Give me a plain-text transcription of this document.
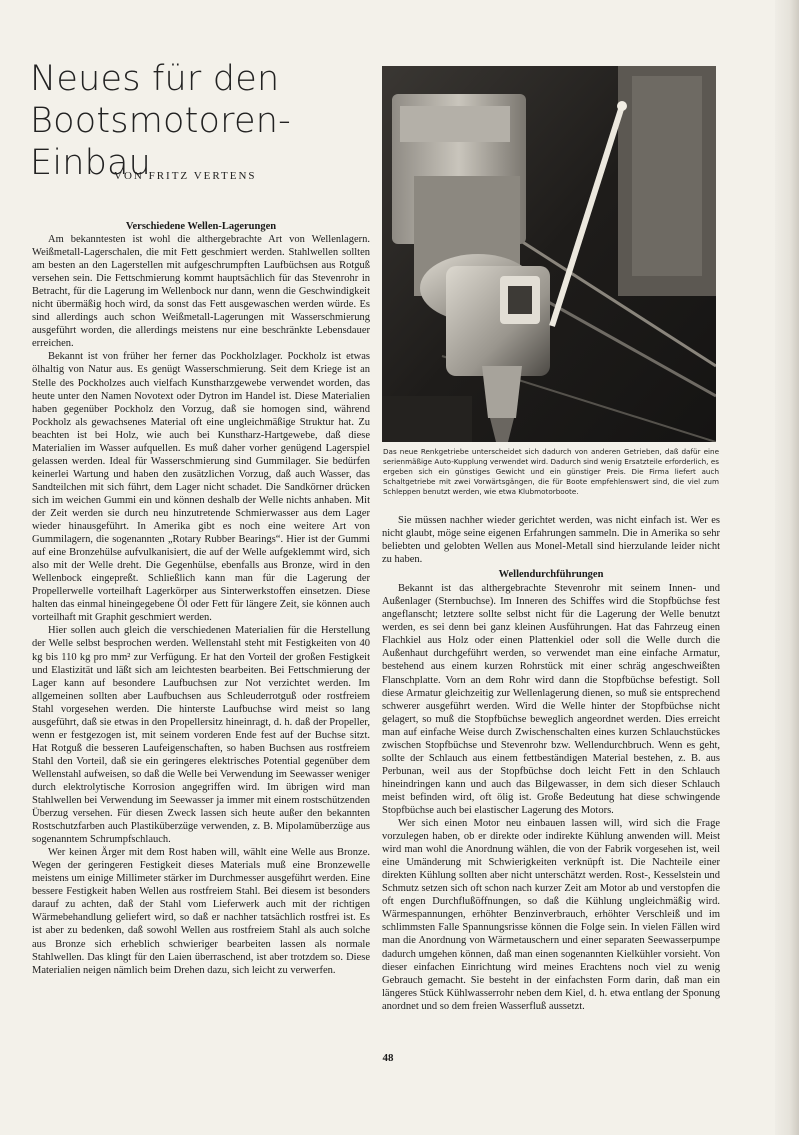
Neues für den
Bootsmotoren-Einbau
VON FRITZ VERTENS
Verschiedene Wellen-Lagerungen

Am bekanntesten ist wohl die althergebrachte Art von Wellenlagern. Weißmetall-Lagerschalen, die mit Fett geschmiert werden. Stahlwellen sollten am besten an den Lagerstellen mit aufgeschrumpften Laufbüchsen aus Rotguß versehen sein. Die Fettschmierung kommt hauptsächlich für das Stevenrohr in Betracht, für die Lagerung im Wellenbock nur dann, wenn die Geschwindigkeit nicht übermäßig hoch wird, da sonst das Fett ausgewaschen werden würde. Es sind allerdings auch schon Weißmetall-Lagerungen mit Wasserschmierung ausgeführt worden, die allerdings meistens nur eine beschränkte Lebensdauer erreichen.

Bekannt ist von früher her ferner das Pockholzlager. Pockholz ist etwas ölhaltig von Natur aus. Es genügt Wasserschmierung. Seit dem Kriege ist an Stelle des Pockholzes auch vielfach Kunstharzgewebe verwendet worden, das heute unter den Namen Novotext oder Dytron im Handel ist. Diese Materialien haben gegenüber Pockholz den Vorzug, daß sie homogen sind, während Pockholz als gewachsenes Material oft eine ungleichmäßige Struktur hat. Zu beachten ist bei Holz, wie auch bei Kunstharz-Hartgewebe, daß diese Materialien im Wasser aufquellen. Es muß daher vorher genügend Lagerspiel gelassen werden. Ideal für Wasserschmierung sind Gummilager. Sie bedürfen keinerlei Wartung und haben den zusätzlichen Vorzug, daß auch Wasser, das Sandteilchen mit sich führt, dem Lager nicht schadet. Die Sandkörner drücken sich im weichen Gummi ein und können deshalb der Welle nichts anhaben. Mit der Zeit werden sie durch neu hinzutretende Schmierwasser aus dem Lager wieder hinausgeführt. In Amerika gibt es noch eine weitere Art von Gummilagern, die sogenannten „Rotary Rubber Bearings“. Hier ist der Gummi auf eine Bronzehülse aufvulkanisiert, die auf der Welle aufgeklemmt wird, sich also mit der Welle dreht. Die Gegenhülse, ebenfalls aus Bronze, wird in den Wellenbock eingepreßt. Schließlich kann man für die Lagerung der Propellerwelle vorteilhaft Lagerkörper aus Sinterwerkstoffen einsetzen. Diese halten das einmal hineingegebene Öl oder Fett für längere Zeit, sie können auch vorteilhaft mit Graphit geschmiert werden.

Hier sollen auch gleich die verschiedenen Materialien für die Herstellung der Welle selbst besprochen werden. Wellenstahl steht mit Festigkeiten von 40 kg bis 110 kg pro mm² zur Verfügung. Er hat den Vorteil der großen Festigkeit und Elastizität und läßt sich am leichtesten bearbeiten. Bei Fettschmierung der Lager kann auf besondere Laufbuchsen zur Not verzichtet werden. Im allgemeinen sollten aber Laufbuchsen aus Schleuderrotguß oder rostfreiem Stahl vorgesehen werden. Die hinterste Laufbuchse wird meist so lang ausgeführt, daß sie etwas in den Propellersitz hineinragt, d. h. daß der Propeller, wenn er festgezogen ist, mit seinem vorderen Ende fest auf der Buchse sitzt. Hat Rotguß die besseren Laufeigenschaften, so haben Buchsen aus rostfreiem Stahl den Vorteil, daß sie ein geringeres elektrisches Potential gegenüber dem Wellenstahl aufweisen, so daß die Welle bei Verwendung im Seewasser weniger durch elektrolytische Korrosion angegriffen wird. Im übrigen wird man Stahlwellen bei Verwendung im Seewasser ja immer mit einem rostschützenden Überzug versehen. Für diesen Zweck lassen sich heute außer den bekannten Rostschutzfarben auch Plastiküberzüge verwenden, z. B. Mipolamüberzüge aus sogenanntem Schrumpfschlauch.

Wer keinen Ärger mit dem Rost haben will, wählt eine Welle aus Bronze. Wegen der geringeren Festigkeit dieses Materials muß eine Bronzewelle meistens um einige Millimeter stärker im Durchmesser ausgeführt werden. Eine bessere Festigkeit haben Wellen aus rostfreiem Stahl. Bei diesem ist besonders darauf zu achten, daß der Stahl vom Lieferwerk auch mit der richtigen Wärmebehandlung geliefert wird, so daß er nachher tatsächlich rostfrei ist. Es ist aber zu bedenken, daß sowohl Wellen aus rostfreiem Stahl als auch solche aus Bronze sich erheblich schwieriger bearbeiten lassen als normale Stahlwellen. Das klingt für den Laien überraschend, ist aber trotzdem so. Diese Materialien neigen nämlich beim Drehen dazu, sich leicht zu verwerfen.

Das neue Renkgetriebe unterscheidet sich dadurch von anderen Getrieben, daß dafür eine serienmäßige Auto-Kupplung verwendet wird. Dadurch sind wenig Ersatzteile erforderlich, es ergeben sich ein günstiges Gewicht und ein günstiger Preis. Die Firma liefert auch Schaltgetriebe mit zwei Vorwärtsgängen, die für Boote empfehlenswert sind, die viel zum Schleppen benutzt werden, wie etwa Klubmotorboote.

Sie müssen nachher wieder gerichtet werden, was nicht einfach ist. Wer es nicht glaubt, möge seine eigenen Erfahrungen sammeln. Die in Amerika so sehr beliebten und gelobten Wellen aus Monel-Metall sind hierzulande leider nicht zu haben.

Wellendurchführungen

Bekannt ist das althergebrachte Stevenrohr mit seinem Innen- und Außenlager (Sternbuchse). Im Inneren des Schiffes wird die Stopfbüchse fest angeflanscht; letztere sollte selbst nicht für die Lagerung der Welle benutzt werden, es sei denn bei ganz kleinen Ausführungen. Hat das Fahrzeug einen Flachkiel aus Holz oder einen Plattenkiel oder soll die Welle durch die Außenhaut durchgeführt werden, so verwendet man eine einfache Armatur, bestehend aus einem kurzen Rohrstück mit einer schräg angeschweißten Flanschplatte. Vorn an dem Rohr wird dann die Stopfbüchse befestigt. Soll diese Armatur gleichzeitig zur Wellenlagerung dienen, so muß sie entsprechend schwerer ausgeführt werden. Wird die Welle hinter der Stopfbüchse nicht gelagert, so muß die Stopfbüchse beweglich angeordnet werden. Dies erreicht man auf einfache Weise durch Zwischenschalten eines kurzen Schlauchstückes zwischen Stopfbüchse und Stevenrohr bzw. Wellendurchbruch. Wenn es geht, sollte der Schlauch aus einem fettbeständigen Material bestehen, z. B. aus Perbunan, weil aus der Stopfbüchse doch leicht Fett in den Schlauch hineindringen kann und auch das Bilgewasser, in dem sich dieser Schlauch meist befinden wird, oft ölig ist. Große Bedeutung hat diese schwingende Stopfbüchse auch bei elastischer Lagerung des Motors.

Wer sich einen Motor neu einbauen lassen will, wird sich die Frage vorzulegen haben, ob er direkte oder indirekte Kühlung anwenden will. Meist wird man wohl die Anordnung wählen, die von der Fabrik vorgesehen ist, weil eine Umänderung mit Schwierigkeiten verknüpft ist. Die Nachteile einer direkten Kühlung sollten aber nicht unterschätzt werden. Rost-, Kesselstein und Schmutz setzen sich oft schon nach kurzer Zeit am Motor ab und verstopfen die oft engen Durchflußöffnungen, so daß die Kühlung ungleichmäßig wird. Wärmespannungen, erhöhter Benzinverbrauch, erhöhter Verschleiß und im schlimmsten Falle Spannungsrisse können die Folge sein. In vielen Fällen wird man die Anordnung von Wärmetauschern und einer separaten Seewasserpumpe dadurch umgehen können, daß man einen sogenannten Kielkühler vorsieht. Von dieser einfachen Einrichtung wird meines Erachtens noch viel zu wenig Gebrauch gemacht. Sie besteht in der einfachsten Form darin, daß man ein längeres Stück Kühlwasserrohr neben dem Kiel, d. h. etwa entlang der Sponung anordnet und so dem freien Wasserfluß aussetzt.

48
